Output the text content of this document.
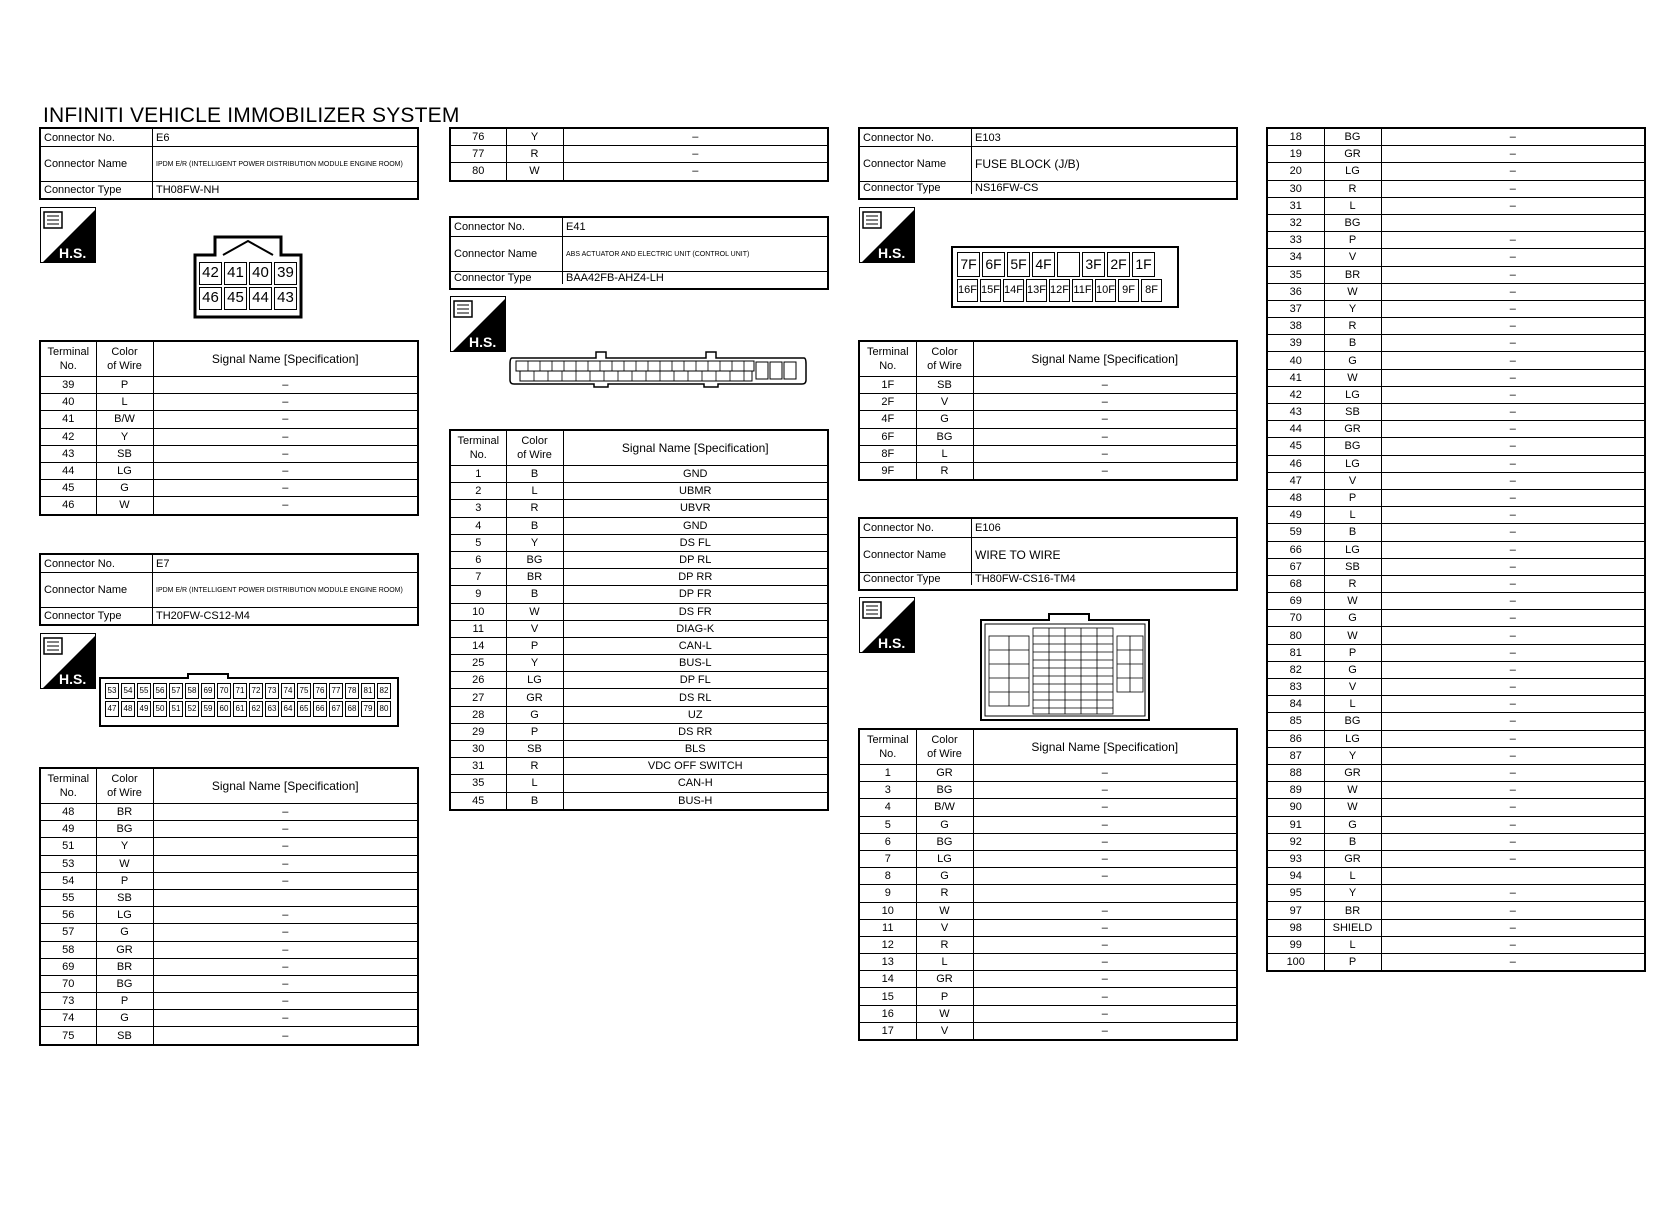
INFINITI VEHICLE IMMOBILIZER SYSTEM
Connector No.	E6
Connector Name	IPDM E/R (INTELLIGENT POWER DISTRIBUTION MODULE ENGINE ROOM)
Connector Type	TH08FW-NH
H.S.
42 41 40 39
46 45 44 43
Terminal
No.	Color
of Wire	Signal Name [Specification]
39	P	–
40	L	–
41	B/W	–
42	Y	–
43	SB	–
44	LG	–
45	G	–
46	W	–
Connector No.	E7
Connector Name	IPDM E/R (INTELLIGENT POWER DISTRIBUTION MODULE ENGINE ROOM)
Connector Type	TH20FW-CS12-M4
H.S.
53 54 55 56 57 58 69 70 71 72 73 74 75 76 77 78 81 82
47 48 49 50 51 52 59 60 61 62 63 64 65 66 67 68 79 80
Terminal
No.	Color
of Wire	Signal Name [Specification]
48	BR	–
49	BG	–
51	Y	–
53	W	–
54	P	–
55	SB	
56	LG	–
57	G	–
58	GR	–
69	BR	–
70	BG	–
73	P	–
74	G	–
75	SB	–
76	Y	–
77	R	–
80	W	–
Connector No.	E41
Connector Name	ABS ACTUATOR AND ELECTRIC UNIT (CONTROL UNIT)
Connector Type	BAA42FB-AHZ4-LH
H.S.
Terminal
No.	Color
of Wire	Signal Name [Specification]
1	B	GND
2	L	UBMR
3	R	UBVR
4	B	GND
5	Y	DS FL
6	BG	DP RL
7	BR	DP RR
9	B	DP FR
10	W	DS FR
11	V	DIAG-K
14	P	CAN-L
25	Y	BUS-L
26	LG	DP FL
27	GR	DS RL
28	G	UZ
29	P	DS RR
30	SB	BLS
31	R	VDC OFF SWITCH
35	L	CAN-H
45	B	BUS-H
Connector No.	E103
Connector Name	FUSE BLOCK (J/B)
Connector Type	NS16FW-CS
H.S.
7F 6F 5F 4F 3F 2F 1F
16F 15F 14F 13F 12F 11F 10F 9F 8F
Terminal
No.	Color
of Wire	Signal Name [Specification]
1F	SB	–
2F	V	–
4F	G	–
6F	BG	–
8F	L	–
9F	R	–
Connector No.	E106
Connector Name	WIRE TO WIRE
Connector Type	TH80FW-CS16-TM4
H.S.
Terminal
No.	Color
of Wire	Signal Name [Specification]
1	GR	–
3	BG	–
4	B/W	–
5	G	–
6	BG	–
7	LG	–
8	G	–
9	R	
10	W	–
11	V	–
12	R	–
13	L	–
14	GR	–
15	P	–
16	W	–
17	V	–
18	BG	–
19	GR	–
20	LG	–
30	R	–
31	L	–
32	BG	
33	P	–
34	V	–
35	BR	–
36	W	–
37	Y	–
38	R	–
39	B	–
40	G	–
41	W	–
42	LG	–
43	SB	–
44	GR	–
45	BG	–
46	LG	–
47	V	–
48	P	–
49	L	–
59	B	–
66	LG	–
67	SB	–
68	R	–
69	W	–
70	G	–
80	W	–
81	P	–
82	G	–
83	V	–
84	L	–
85	BG	–
86	LG	–
87	Y	–
88	GR	–
89	W	–
90	W	–
91	G	–
92	B	–
93	GR	–
94	L	
95	Y	–
97	BR	–
98	SHIELD	–
99	L	–
100	P	–
